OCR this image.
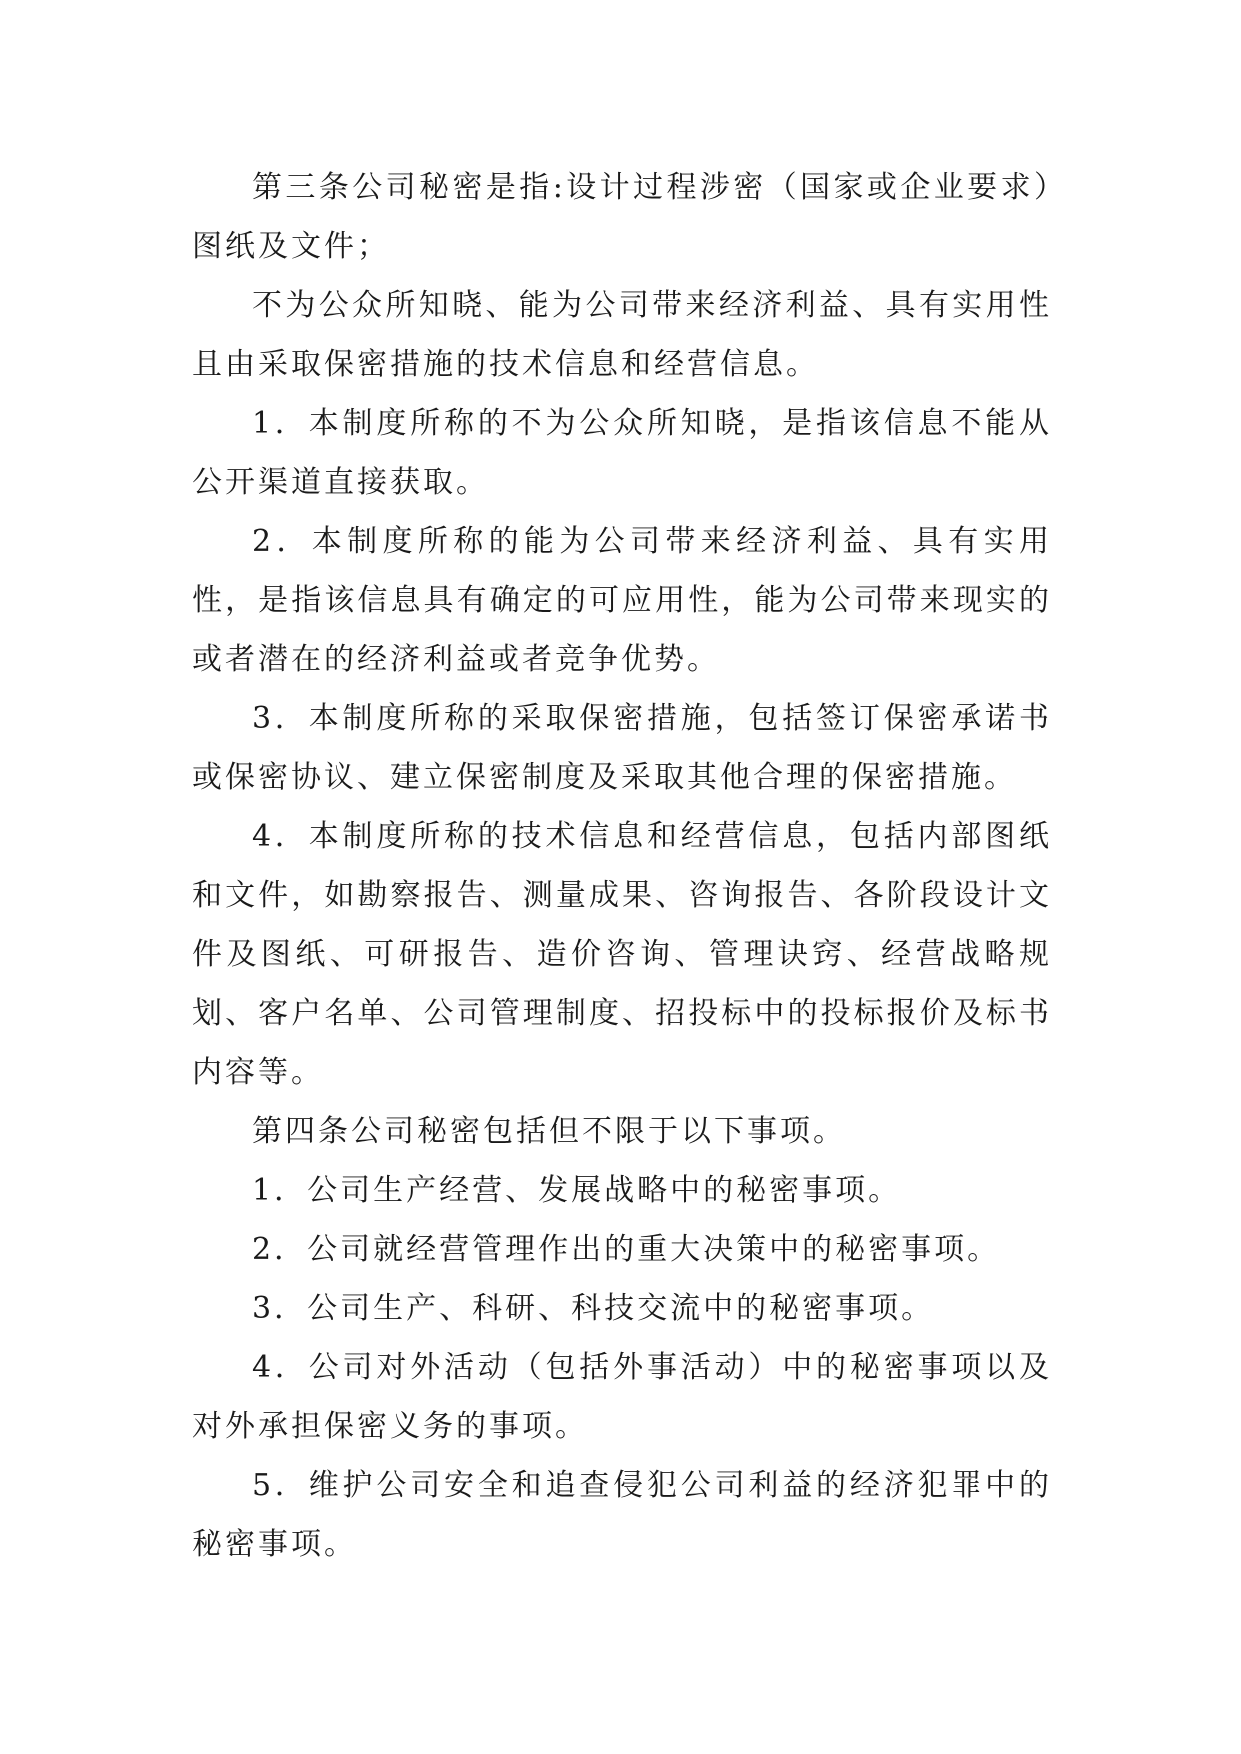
第三条公司秘密是指:设计过程涉密（国家或企业要求）图纸及文件；

不为公众所知晓、能为公司带来经济利益、具有实用性且由采取保密措施的技术信息和经营信息。

1．本制度所称的不为公众所知晓，是指该信息不能从公开渠道直接获取。

2．本制度所称的能为公司带来经济利益、具有实用性，是指该信息具有确定的可应用性，能为公司带来现实的或者潜在的经济利益或者竞争优势。

3．本制度所称的采取保密措施，包括签订保密承诺书或保密协议、建立保密制度及采取其他合理的保密措施。

4．本制度所称的技术信息和经营信息，包括内部图纸和文件，如勘察报告、测量成果、咨询报告、各阶段设计文件及图纸、可研报告、造价咨询、管理诀窍、经营战略规划、客户名单、公司管理制度、招投标中的投标报价及标书内容等。

第四条公司秘密包括但不限于以下事项。

1．公司生产经营、发展战略中的秘密事项。

2．公司就经营管理作出的重大决策中的秘密事项。

3．公司生产、科研、科技交流中的秘密事项。

4．公司对外活动（包括外事活动）中的秘密事项以及对外承担保密义务的事项。

5．维护公司安全和追查侵犯公司利益的经济犯罪中的秘密事项。
